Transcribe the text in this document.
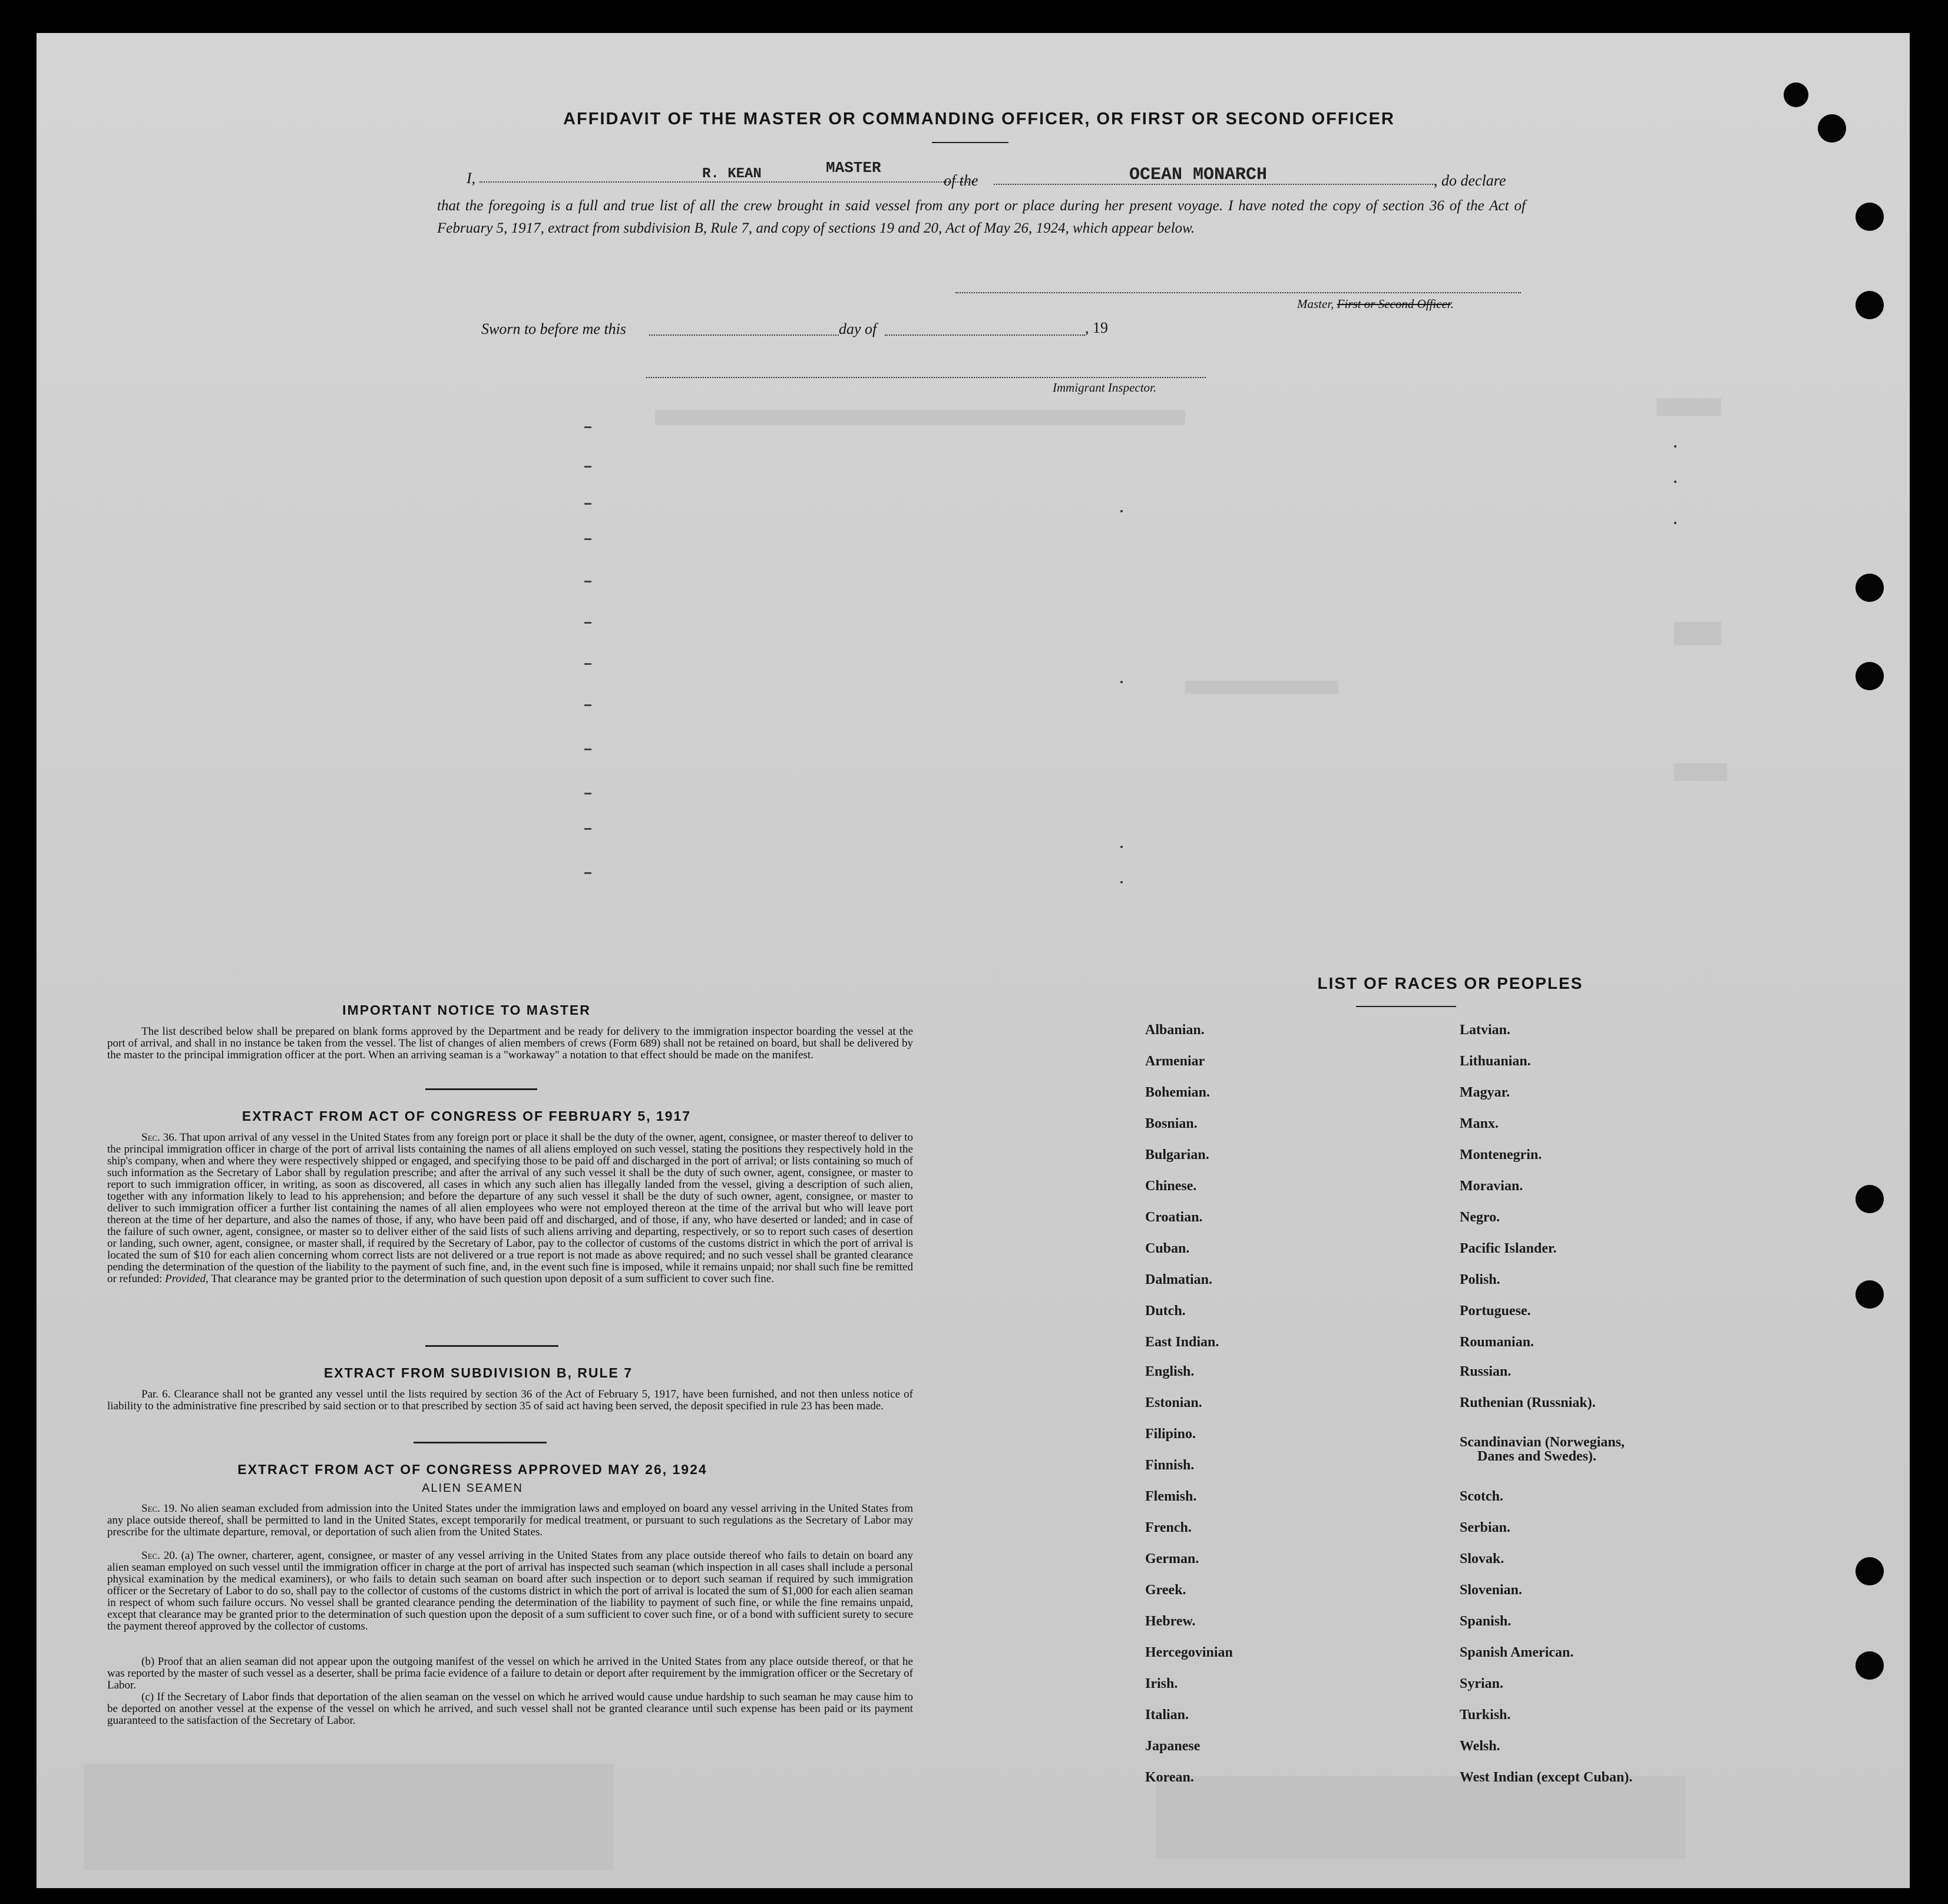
AFFIDAVIT OF THE MASTER OR COMMANDING OFFICER, OR FIRST OR SECOND OFFICER
I,	R. KEAN	MASTER
of the	OCEAN MONARCH	, do declare
that the foregoing is a full and true list of all the crew brought in said vessel from any port or place during her present voyage. I have noted the copy of section 36 of the Act of February 5, 1917, extract from subdivision B, Rule 7, and copy of sections 19 and 20, Act of May 26, 1924, which appear below.
Master, First or Second Officer.
Sworn to before me this	day of	, 19
Immigrant Inspector.
IMPORTANT NOTICE TO MASTER
The list described below shall be prepared on blank forms approved by the Department and be ready for delivery to the immigration inspector boarding the vessel at the port of arrival, and shall in no instance be taken from the vessel. The list of changes of alien members of crews (Form 689) shall not be retained on board, but shall be delivered by the master to the principal immigration officer at the port. When an arriving seaman is a "workaway" a notation to that effect should be made on the manifest.
EXTRACT FROM ACT OF CONGRESS OF FEBRUARY 5, 1917
Sec. 36. That upon arrival of any vessel in the United States from any foreign port or place it shall be the duty of the owner, agent, consignee, or master thereof to deliver to the principal immigration officer in charge of the port of arrival lists containing the names of all aliens employed on such vessel, stating the positions they respectively hold in the ship's company, when and where they were respectively shipped or engaged, and specifying those to be paid off and discharged in the port of arrival; or lists containing so much of such information as the Secretary of Labor shall by regulation prescribe; and after the arrival of any such vessel it shall be the duty of such owner, agent, consignee, or master to report to such immigration officer, in writing, as soon as discovered, all cases in which any such alien has illegally landed from the vessel, giving a description of such alien, together with any information likely to lead to his apprehension; and before the departure of any such vessel it shall be the duty of such owner, agent, consignee, or master to deliver to such immigration officer a further list containing the names of all alien employees who were not employed thereon at the time of the arrival but who will leave port thereon at the time of her departure, and also the names of those, if any, who have been paid off and discharged, and of those, if any, who have deserted or landed; and in case of the failure of such owner, agent, consignee, or master so to deliver either of the said lists of such aliens arriving and departing, respectively, or so to report such cases of desertion or landing, such owner, agent, consignee, or master shall, if required by the Secretary of Labor, pay to the collector of customs of the customs district in which the port of arrival is located the sum of $10 for each alien concerning whom correct lists are not delivered or a true report is not made as above required; and no such vessel shall be granted clearance pending the determination of the question of the liability to the payment of such fine, and, in the event such fine is imposed, while it remains unpaid; nor shall such fine be remitted or refunded: Provided, That clearance may be granted prior to the determination of such question upon deposit of a sum sufficient to cover such fine.
EXTRACT FROM SUBDIVISION B, RULE 7
Par. 6. Clearance shall not be granted any vessel until the lists required by section 36 of the Act of February 5, 1917, have been furnished, and not then unless notice of liability to the administrative fine prescribed by said section or to that prescribed by section 35 of said act having been served, the deposit specified in rule 23 has been made.
EXTRACT FROM ACT OF CONGRESS APPROVED MAY 26, 1924
ALIEN SEAMEN
Sec. 19. No alien seaman excluded from admission into the United States under the immigration laws and employed on board any vessel arriving in the United States from any place outside thereof, shall be permitted to land in the United States, except temporarily for medical treatment, or pursuant to such regulations as the Secretary of Labor may prescribe for the ultimate departure, removal, or deportation of such alien from the United States.
Sec. 20. (a) The owner, charterer, agent, consignee, or master of any vessel arriving in the United States from any place outside thereof who fails to detain on board any alien seaman employed on such vessel until the immigration officer in charge at the port of arrival has inspected such seaman (which inspection in all cases shall include a personal physical examination by the medical examiners), or who fails to detain such seaman on board after such inspection or to deport such seaman if required by such immigration officer or the Secretary of Labor to do so, shall pay to the collector of customs of the customs district in which the port of arrival is located the sum of $1,000 for each alien seaman in respect of whom such failure occurs. No vessel shall be granted clearance pending the determination of the liability to payment of such fine, or while the fine remains unpaid, except that clearance may be granted prior to the determination of such question upon the deposit of a sum sufficient to cover such fine, or of a bond with sufficient surety to secure the payment thereof approved by the collector of customs.
(b) Proof that an alien seaman did not appear upon the outgoing manifest of the vessel on which he arrived in the United States from any place outside thereof, or that he was reported by the master of such vessel as a deserter, shall be prima facie evidence of a failure to detain or deport after requirement by the immigration officer or the Secretary of Labor.
(c) If the Secretary of Labor finds that deportation of the alien seaman on the vessel on which he arrived would cause undue hardship to such seaman he may cause him to be deported on another vessel at the expense of the vessel on which he arrived, and such vessel shall not be granted clearance until such expense has been paid or its payment guaranteed to the satisfaction of the Secretary of Labor.
LIST OF RACES OR PEOPLES
Albanian.
Armeniar
Bohemian.
Bosnian.
Bulgarian.
Chinese.
Croatian.
Cuban.
Dalmatian.
Dutch.
East Indian.
English.
Estonian.
Filipino.
Finnish.
Flemish.
French.
German.
Greek.
Hebrew.
Hercegovinian
Irish.
Italian.
Japanese
Korean.
Latvian.
Lithuanian.
Magyar.
Manx.
Montenegrin.
Moravian.
Negro.
Pacific Islander.
Polish.
Portuguese.
Roumanian.
Russian.
Ruthenian (Russniak).
Scandinavian (Norwegians,
Danes and Swedes).
Scotch.
Serbian.
Slovak.
Slovenian.
Spanish.
Spanish American.
Syrian.
Turkish.
Welsh.
West Indian (except Cuban).
